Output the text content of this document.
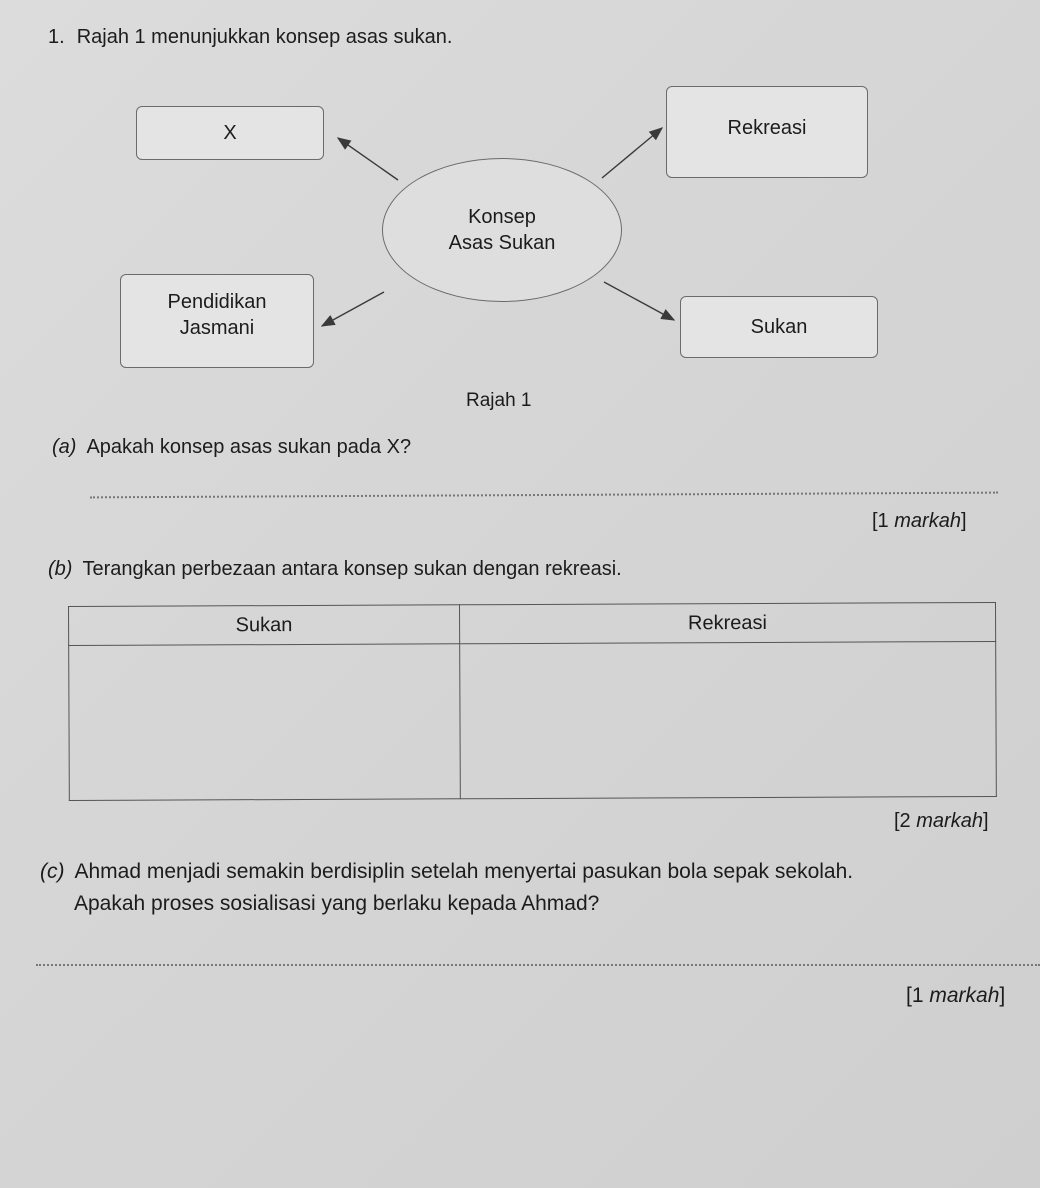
1. Rajah 1 menunjukkan konsep asas sukan.
X	Rekreasi
Konsep
Asas Sukan
Pendidikan
Jasmani	Sukan
Rajah 1
(a) Apakah konsep asas sukan pada X?
[1 markah]
(b) Terangkan perbezaan antara konsep sukan dengan rekreasi.
Sukan	Rekreasi

[2 markah]
(c) Ahmad menjadi semakin berdisiplin setelah menyertai pasukan bola sepak sekolah.
Apakah proses sosialisasi yang berlaku kepada Ahmad?
[1 markah]
